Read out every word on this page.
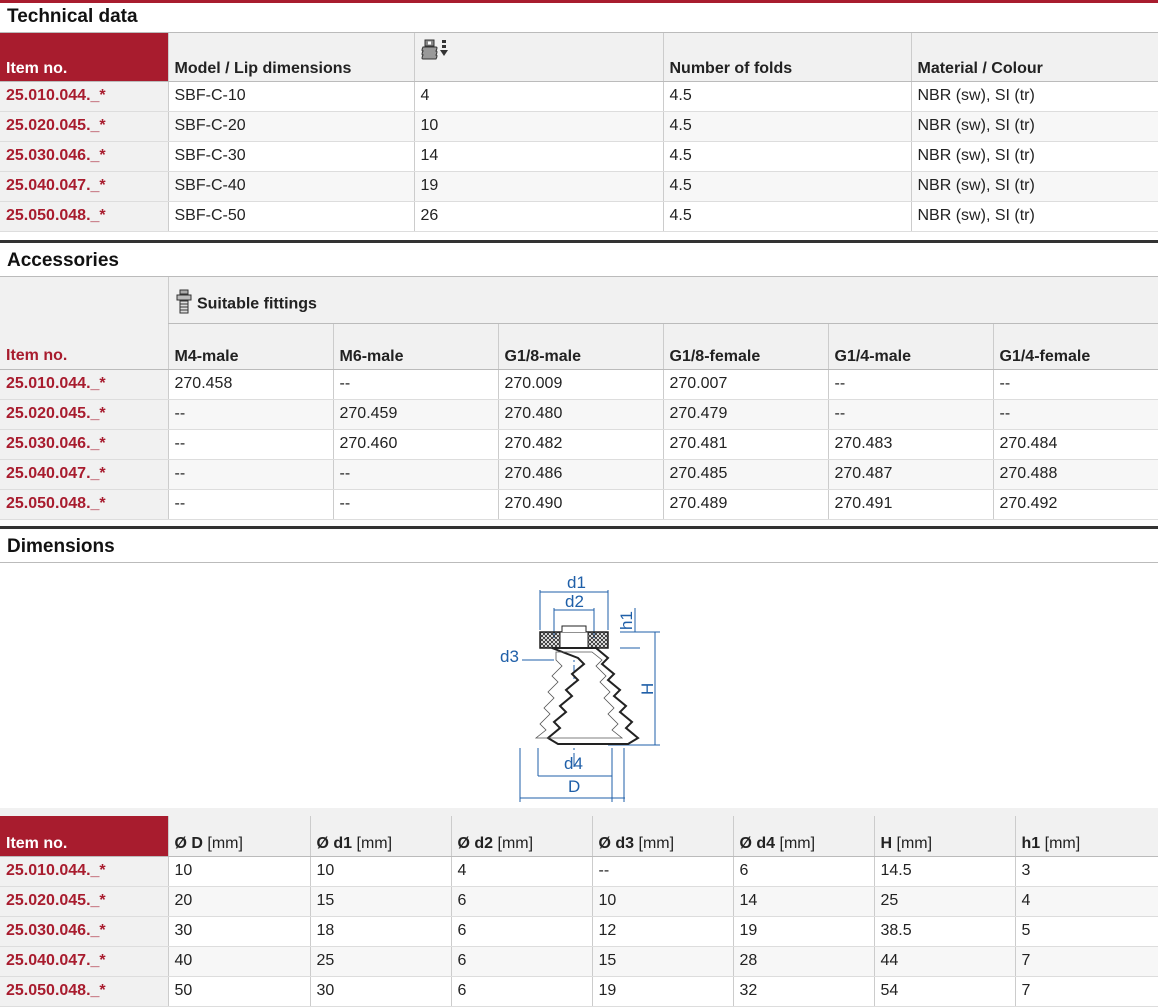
Technical data
Item no.	Model / Lip dimensions		Number of folds	Material / Colour
25.010.044._*	SBF-C-10	4	4.5	NBR (sw), SI (tr)
25.020.045._*	SBF-C-20	10	4.5	NBR (sw), SI (tr)
25.030.046._*	SBF-C-30	14	4.5	NBR (sw), SI (tr)
25.040.047._*	SBF-C-40	19	4.5	NBR (sw), SI (tr)
25.050.048._*	SBF-C-50	26	4.5	NBR (sw), SI (tr)
Accessories
Item no.	Suitable fittings					
	M4-male	M6-male	G1/8-male	G1/8-female	G1/4-male	G1/4-female
25.010.044._*	270.458	--	270.009	270.007	--	--
25.020.045._*	--	270.459	270.480	270.479	--	--
25.030.046._*	--	270.460	270.482	270.481	270.483	270.484
25.040.047._*	--	--	270.486	270.485	270.487	270.488
25.050.048._*	--	--	270.490	270.489	270.491	270.492
Dimensions
d1
d2
d3
d4
D
H
h1
Item no.	Ø D [mm]	Ø d1 [mm]	Ø d2 [mm]	Ø d3 [mm]	Ø d4 [mm]	H [mm]	h1 [mm]
25.010.044._*	10	10	4	--	6	14.5	3
25.020.045._*	20	15	6	10	14	25	4
25.030.046._*	30	18	6	12	19	38.5	5
25.040.047._*	40	25	6	15	28	44	7
25.050.048._*	50	30	6	19	32	54	7
